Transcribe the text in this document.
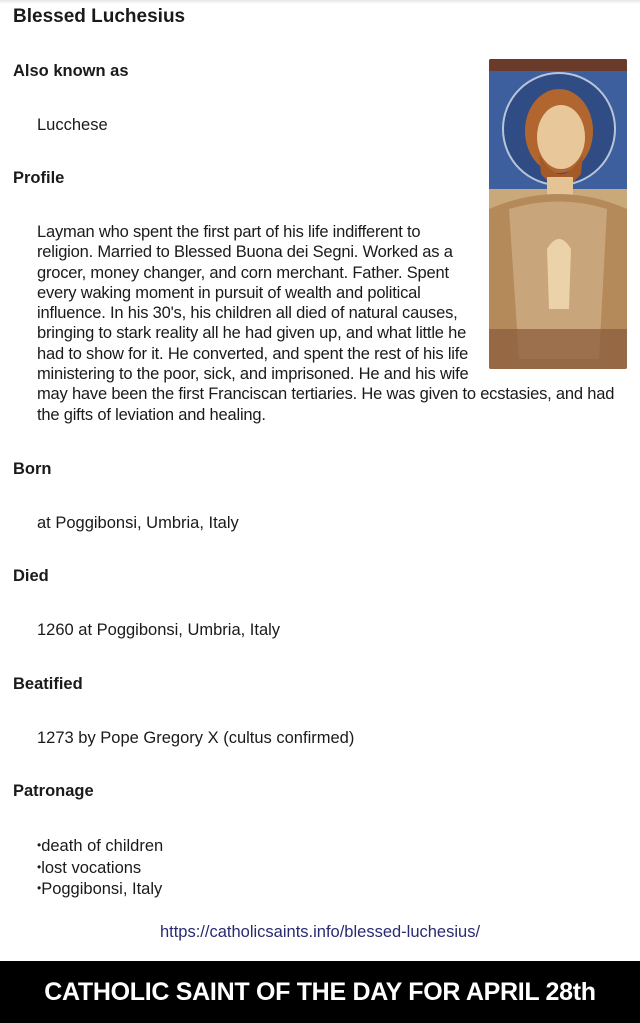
Blessed Luchesius
Also known as
Lucchese
Profile
Layman who spent the first part of his life indifferent to religion. Married to Blessed Buona dei Segni. Worked as a grocer, money changer, and corn merchant. Father. Spent every waking moment in pursuit of wealth and political influence. In his 30's, his children all died of natural causes, bringing to stark reality all he had given up, and what little he had to show for it. He converted, and spent the rest of his life ministering to the poor, sick, and imprisoned. He and his wife may have been the first Franciscan tertiaries. He was given to ecstasies, and had the gifts of leviation and healing.
Born
at Poggibonsi, Umbria, Italy
Died
1260 at Poggibonsi, Umbria, Italy
Beatified
1273 by Pope Gregory X (cultus confirmed)
Patronage
• death of children
• lost vocations
• Poggibonsi, Italy
https://catholicsaints.info/blessed-luchesius/
CATHOLIC SAINT OF THE DAY FOR APRIL 28th
